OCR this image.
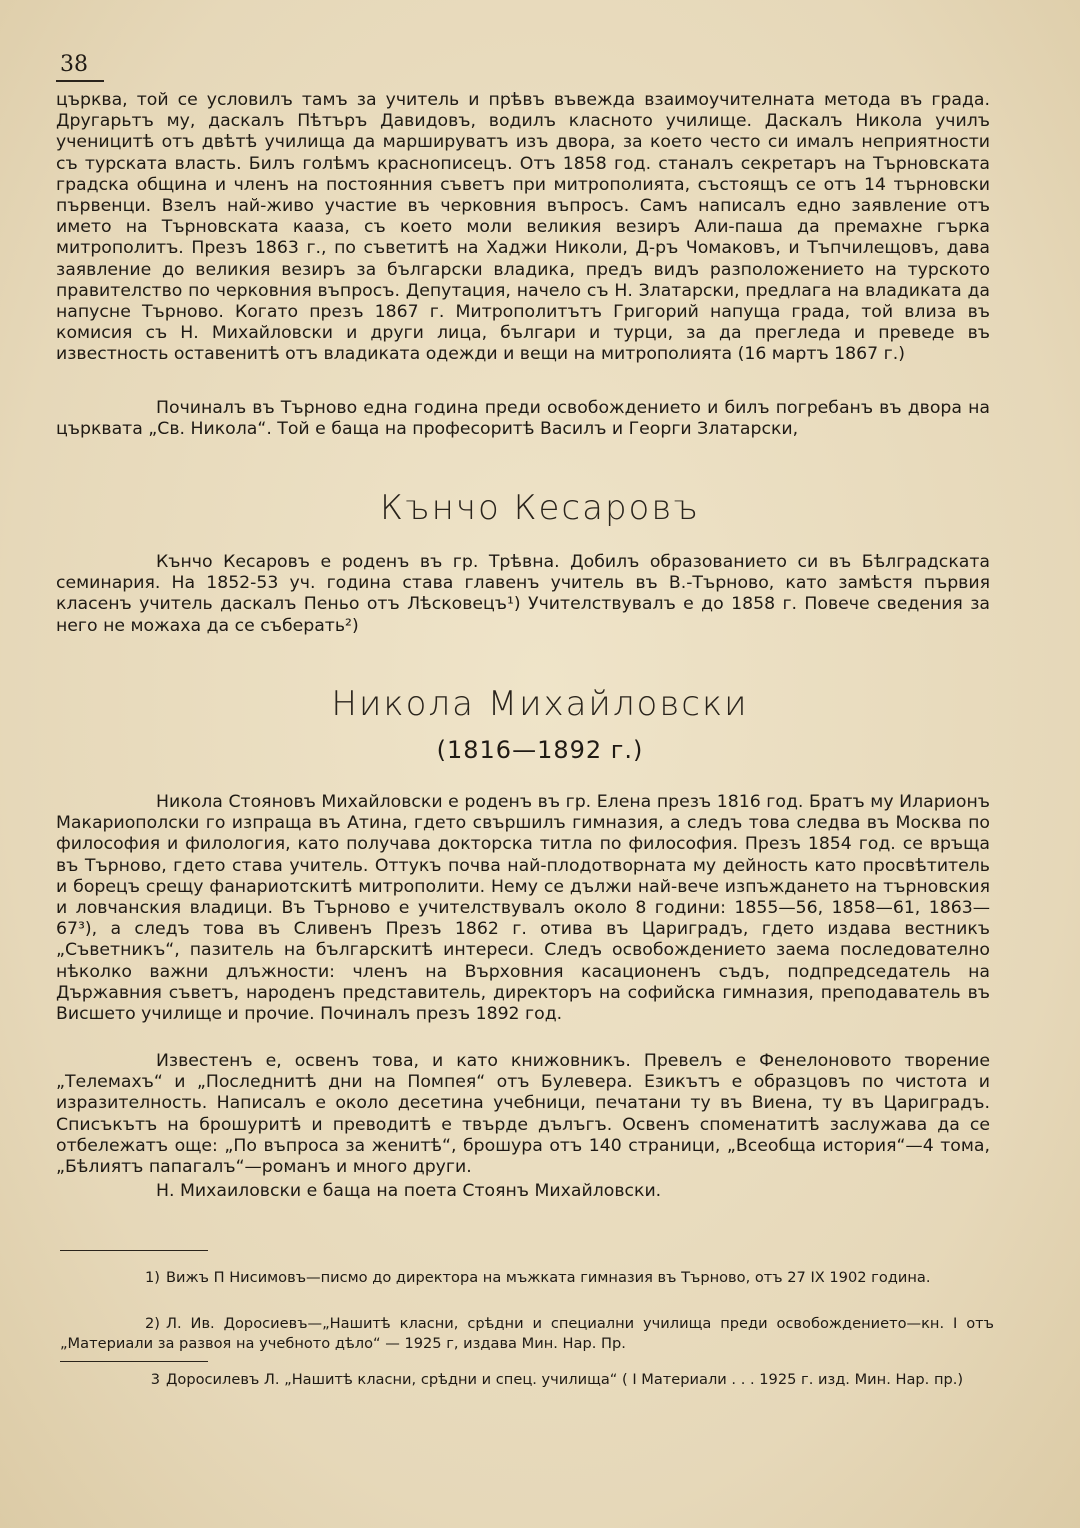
38

църква, той се условилъ тамъ за учитель и прѣвъ въвежда взаимоучителната метода въ града. Другарьтъ му, даскалъ Пѣтъръ Давидовъ, водилъ класното училище. Даскалъ Никола училъ ученицитѣ отъ двѣтѣ училища да маршируватъ изъ двора, за което често си ималъ неприятности съ турската власть. Билъ голѣмъ краснописецъ. Отъ 1858 год. станалъ секретаръ на Търновската градска община и членъ на постоянния съветъ при митрополията, състоящъ се отъ 14 търновски първенци. Взелъ най-живо участие въ черковния въпросъ. Самъ написалъ едно заявление отъ името на Търновската кааза, съ което моли великия везиръ Али-паша да премахне гърка митрополитъ. Презъ 1863 г., по съветитѣ на Хаджи Николи, Д-ръ Чомаковъ, и Тъпчилещовъ, дава заявление до великия везиръ за български владика, предъ видъ разположението на турското правителство по черковния въпросъ. Депутация, начело съ Н. Златарски, предлага на владиката да напусне Търново. Когато презъ 1867 г. Митрополитътъ Григорий напуща града, той влиза въ комисия съ Н. Михайловски и други лица, българи и турци, за да прегледа и преведе въ известность оставенитѣ отъ владиката одежди и вещи на митрополията (16 мартъ 1867 г.)

Починалъ въ Търново една година преди освобождението и билъ погребанъ въ двора на църквата „Св. Никола“. Той е баща на професоритѣ Василъ и Георги Златарски,

Кънчо Кесаровъ

Кънчо Кесаровъ е роденъ въ гр. Трѣвна. Добилъ образованието си въ Бѣлградската семинария. На 1852-53 уч. година става главенъ учитель въ В.-Търново, като замѣстя първия класенъ учитель даскалъ Пеньо отъ Лѣсковецъ¹) Учителствувалъ е до 1858 г. Повече сведения за него не можаха да се съберать²)

Никола Михайловски
(1816—1892 г.)

Никола Стояновъ Михайловски е роденъ въ гр. Елена презъ 1816 год. Братъ му Иларионъ Макариополски го изпраща въ Атина, гдето свършилъ гимназия, а следъ това следва въ Москва по философия и филология, като получава докторска титла по философия. Презъ 1854 год. се връща въ Търново, гдето става учитель. Оттукъ почва най-плодотворната му дейность като просвѣтитель и борецъ срещу фанариотскитѣ митрополити. Нему се дължи най-вече изпъжданeто на търновския и ловчанския владици. Въ Търново е учителствувалъ около 8 години: 1855—56, 1858—61, 1863—67³), а следъ това въ Сливенъ Презъ 1862 г. отива въ Цариградъ, гдето издава вестникъ „Съветникъ“, пазитель на българскитѣ интереси. Следъ освобождението заема последователно нѣколко важни длъжности: членъ на Върховния касационенъ съдъ, подпредседатель на Държавния съветъ, народенъ представитель, директоръ на софийска гимназия, преподаватель въ Висшето училище и прочие. Починалъ презъ 1892 год.

Известенъ е, освенъ това, и като книжовникъ. Превелъ е Фенелоновото творение „Телемахъ“ и „Последнитѣ дни на Помпея“ отъ Булевера. Езикътъ е образцовъ по чистота и изразителность. Написалъ е около десетина учебници, печатани ту въ Виена, ту въ Цариградъ. Списъкътъ на брошуритѣ и преводитѣ е твърде дълъгъ. Освенъ споменатитѣ заслужава да се отбележатъ още: „По въпроса за женитѣ“, брошура отъ 140 страници, „Всеобща история“—4 тома, „Бѣлиятъ папагалъ“—романъ и много други.

Н. Михаиловски е баща на поета Стоянъ Михайловски.

1) Вижъ П Нисимовъ—писмо до директора на мъжката гимназия въ Търново, отъ 27 IX 1902 година.

2) Л. Ив. Доросиевъ—„Нашитѣ класни, срѣдни и специални училища преди освобождението—кн. I отъ „Материали за развоя на учебното дѣло“ — 1925 г, издава Мин. Нар. Пр.

3 Доросилевъ Л. „Нашитѣ класни, срѣдни и спец. училища“ ( I Материали . . . 1925 г. изд. Мин. Нар. пр.)
